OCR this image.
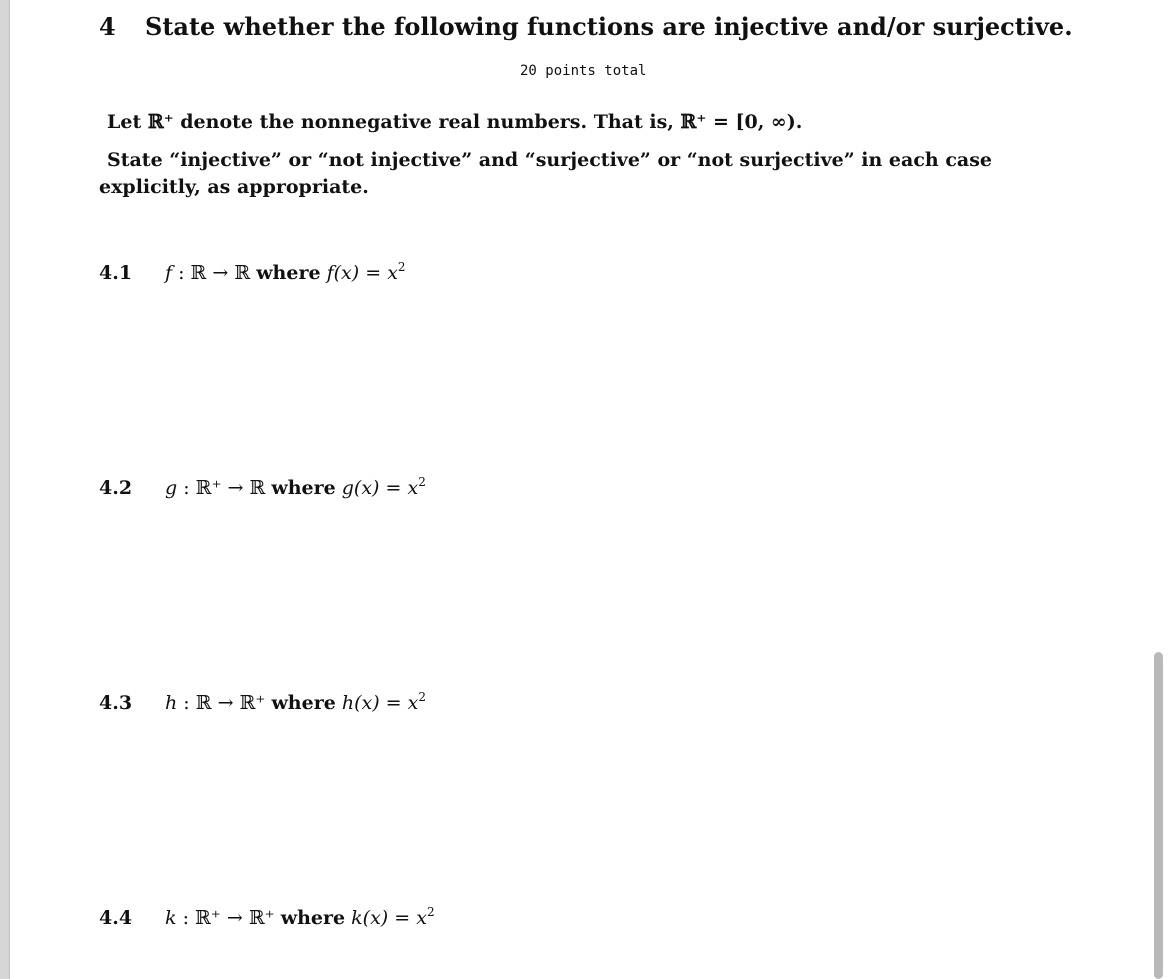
4 State whether the following functions are injective and/or surjective.
20 points total
Let ℝ⁺ denote the nonnegative real numbers. That is, ℝ⁺ = [0, ∞).
State “injective” or “not injective” and “surjective” or “not surjective” in each case
explicitly, as appropriate.
4.1 f : ℝ → ℝ where $f(x) = x^2$
4.2 g : ℝ⁺ → ℝ where $g(x) = x^2$
4.3 h : ℝ → ℝ⁺ where $h(x) = x^2$
4.4 k : ℝ⁺ → ℝ⁺ where $k(x) = x^2$
